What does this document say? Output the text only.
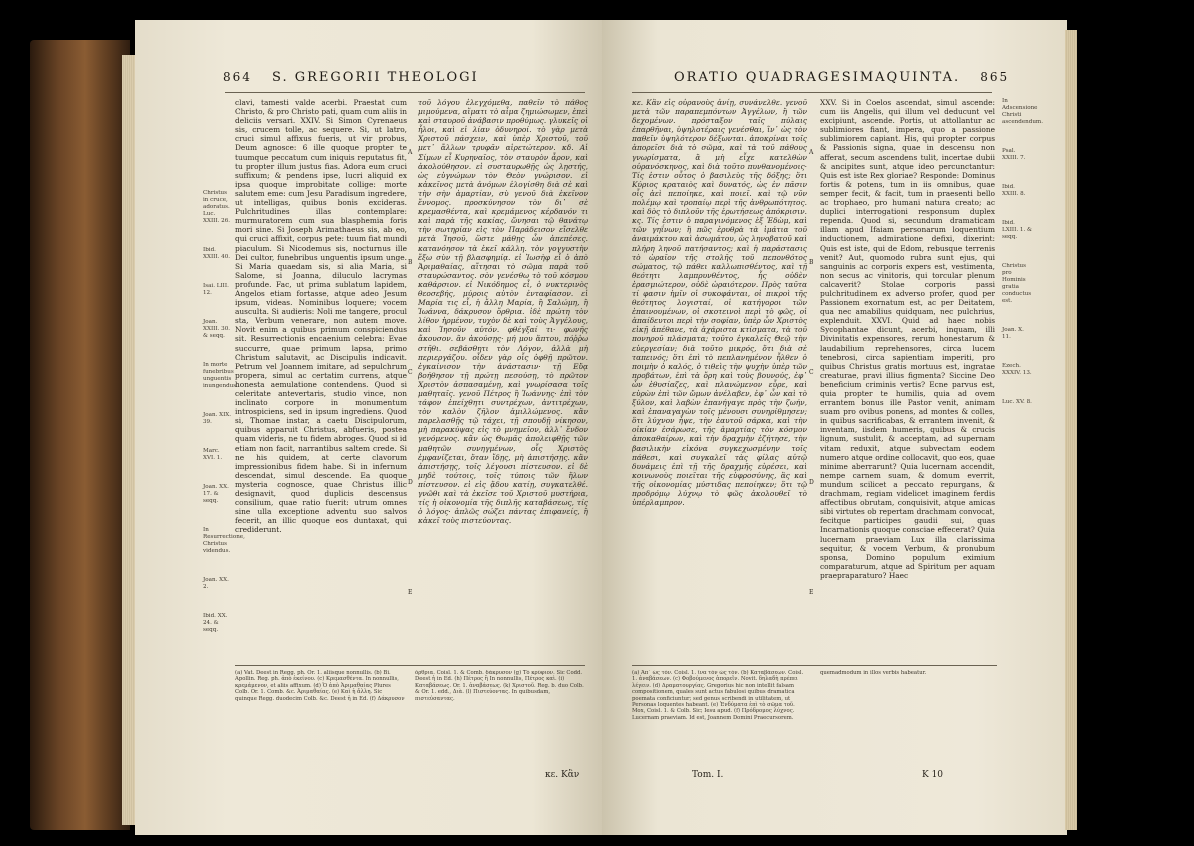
864 S. GREGORII THEOLOGI
Christus in cruce, adoratus. Luc. XXIII. 26.
Ibid. XXIII. 40.
Isai. LIII. 12.
Joan. XXIII. 30. & seqq.
In morte funebribus unguentis inungendus.
Joan. XIX. 39.
Marc. XVI. 1.
Joan. XX. 17. & seqq.
In Resurrectione, Christus videndus.
Joan. XX. 2.
Ibid. XX. 24. & seqq.

clavi, tamesti valde acerbi. Praestat cum Christo, & pro Christo pati, quam cum aliis in deliciis versari. XXIV. Si Simon Cyrenaeus sis, crucem tolle, ac sequere. Si, ut latro, cruci simul affixus fueris, ut vir probus, Deum agnosce: 6 ille quoque propter te tuumque peccatum cum iniquis reputatus fit, tu propter illum justus fias. Adora eum cruci suffixum; & pendens ipse, lucri aliquid ex ipsa quoque improbitate collige: morte salutem eme: cum Jesu Paradisum ingredere, ut intelligas, quibus bonis excideras. Pulchritudines illas contemplare: murmuratorem cum sua blasphemia foris mori sine. Si Joseph Arimathaeus sis, ab eo, qui cruci affixit, corpus pete: tuum fiat mundi piaculum. Si Nicodemus sis, nocturnus ille Dei cultor, funebribus unguentis ipsum unge. Si Maria quaedam sis, si alia Maria, si Salome, si Joanna, diluculo lacrymas profunde. Fac, ut prima sublatum lapidem, Angelos etiam fortasse, atque adeo Jesum ipsum, videas. Nominibus loquere; vocem ausculta. Si audieris: Noli me tangere, procul sta, Verbum venerare, non autem move. Novit enim a quibus primum conspiciendus sit. Resurrectionis encaenium celebra: Evae succurre, quae primum lapsa, primo Christum salutavit, ac Discipulis indicavit. Petrum vel Joannem imitare, ad sepulchrum propera, simul ac certatim currens, atque honesta aemulatione contendens. Quod si celeritate antevertaris, studio vince, non inclinato corpore in monumentum introspiciens, sed in ipsum ingrediens. Quod si, Thomae instar, a caetu Discipulorum, quibus apparuit Christus, abfueris, postea quam videris, ne tu fidem abroges. Quod si id etiam non facit, narrantibus saltem crede. Si ne his quidem, at certe clavorum impressionibus fidem habe. Si in infernum descendat, simul descende. Ea quoque mysteria cognosce, quae Christus illic designavit, quod duplicis descensus consilium, quae ratio fuerit: utrum omnes sine ulla exceptione adventu suo salvos fecerit, an illic quoque eos duntaxat, qui crediderunt.

A
B
C
D
E

τοῦ λόγου ἐλεγχόμεθα, παθεῖν τὸ πάθος μιμούμενα, αἵματι τὸ αἷμα ζημιώσωμεν, ἐπεὶ καὶ σταυροῦ ἀνάβασιν προθύμως. γλυκεῖς οἱ ἧλοι, καὶ εἰ λίαν ὀδυνηροί. τὸ γὰρ μετὰ Χριστοῦ πάσχειν, καὶ ὑπὲρ Χριστοῦ, τοῦ μετ᾽ ἄλλων τρυφᾶν αἱρετώτερον. κδ. Αἱ Σίμων εἶ Κυρηναῖος, τὸν σταυρὸν ἆρον, καὶ ἀκολούθησον. εἰ συσταυρωθῇς ὡς λῃστής, ὡς εὐγνώμων τὸν Θεὸν γνώρισον. εἰ κἀκεῖνος μετὰ ἀνόμων ἐλογίσθη διὰ σὲ καὶ τὴν σὴν ἁμαρτίαν, σὺ γενοῦ διὰ ἐκεῖνον ἔννομος. προσκύνησον τὸν δι᾽ σὲ κρεμασθέντα, καὶ κρεμάμενος κέρδανόν τι καὶ παρὰ τῆς κακίας, ὤνησαι τῷ θανάτῳ τὴν σωτηρίαν εἰς τὸν Παράδεισον εἴσελθε μετὰ Ἰησοῦ, ὥστε μάθῃς ὧν ἀπεπέσες. κατανόησον τὰ ἐκεῖ κάλλη. τὸν γογγυστὴν ἔξω σὺν τῇ βλασφημίᾳ. εἰ Ἰωσὴφ εἶ ὁ ἀπὸ Ἀριμαθαίας, αἴτησαι τὸ σῶμα παρὰ τοῦ σταυρώσαντος. σὸν γενέσθω τὸ τοῦ κόσμου καθάρσιον. εἰ Νικόδημος εἶ, ὁ νυκτερινὸς θεοσεβής, μύροις αὐτὸν ἐνταφίασον. εἰ Μαρία τις εἶ, ἡ ἄλλη Μαρία, ἢ Σαλώμη, ἢ Ἰωάννα, δάκρυσον ὄρθρια. ἰδὲ πρώτη τὸν λίθον ἠρμένον, τυχὸν δὲ καὶ τοὺς Ἀγγέλους, καὶ Ἰησοῦν αὐτόν. φθέγξαί τι· φωνῆς ἄκουσον. ἂν ἀκούσῃς· μή μου ἅπτου, πόῤῥω στῆθι. σεβάσθητι τὸν Λόγον, ἀλλὰ μὴ περιεργάζου. οἶδεν γὰρ οἷς ὀφθῇ πρῶτον. ἐγκαίνισον τὴν ἀνάστασιν· τῇ Εὔᾳ βοήθησον τῇ πρώτῃ πεσούσῃ, τὸ πρῶτον Χριστὸν ἀσπασαμένῃ, καὶ γνωρίσασα τοῖς μαθηταῖς. γενοῦ Πέτρος ἢ Ἰωάννης· ἐπὶ τὸν τάφον ἐπείχθητι συντρέχων, ἀντιτρέχων, τὸν καλὸν ζῆλον ἁμιλλώμενος. κἂν παρελασθῇς τῷ τάχει, τῇ σπουδῇ νίκησον, μὴ παρακύψας εἰς τὸ μνημεῖον, ἀλλ᾽ ἔνδον γενόμενος. κἂν ὡς Θωμᾶς ἀπολειφθῇς τῶν μαθητῶν συνηγμένων, οἷς Χριστὸς ἐμφανίζεται, ὅταν ἴδῃς, μὴ ἀπιστήσῃς. κἂν ἀπιστήσῃς, τοῖς λέγουσι πίστευσον. εἰ δὲ μηδὲ τούτοις, τοῖς τύποις τῶν ἥλων πίστευσον. εἰ εἰς ᾅδου κατίῃ, συγκατελθέ. γνῶθι καὶ τὰ ἐκεῖσε τοῦ Χριστοῦ μυστήρια, τίς ἡ οἰκονομία τῆς διπλῆς καταβάσεως, τίς ὁ λόγος· ἁπλῶς σώζει πάντας ἐπιφανείς, ἢ κἀκεῖ τοὺς πιστεύοντας.

(a) Vat. Deest in Regg. ph. Or. 1. aliisque nonnullis. (b) Bi. Apollin. Reg. ph. ἀπὸ ἐκείνου. (c) Κρεμασθέντα. In nonnullis, κρεμάμενον, et aliis affixum. (d) Ὁ ἀπὸ Ἀριμαθαίας Plures Colb. Or. 1. Comb. &c. Ἀριμαθαίας. (e) Καὶ ἡ ἄλλη. Sic quinque Regg. duodecim Colb. &c. Deest ἡ in Ed. (f) Δάκρυσον ὄρθρια. Coisl. 1. & Comb. δάκρυσον (g) Τὸ κρύφιον. Sic Codd. Deest ἡ in Ed. (h) Πέτρος ἢ In nonnullis, Πέτρος καὶ. (i) Καταβάσεως. Or. 1. ἀναβάσεως. (k) Χριστοῦ. Reg. b. duo Colb. & Or. 1. edd., Διὰ. (l) Πιστεύοντας. In quibusdam, πιστεύσαντας.
κε. Κἂν
ORATIO QUADRAGESIMAQUINTA. 865

κε. Κἂν εἰς οὐρανοὺς ἀνίῃ, συνάνελθε. γενοῦ μετὰ τῶν παραπεμπόντων Ἀγγέλων, ἢ τῶν δεχομένων. πρόσταξον ταῖς πύλαις ἐπαρθῆναι, ὑψηλοτέραις γενέσθαι, ἵν᾽ ὡς τὸν παθεῖν ὑψηλότερον δέξωνται. ἀποκρίναι τοῖς ἀπορεῖσι διὰ τὸ σῶμα, καὶ τὰ τοῦ πάθους γνωρίσματα, ἃ μὴ εἶχε κατελθὼν οὐρανόσκηνος, καὶ διὰ τοῦτο πυνθανομένοις· Τίς ἐστιν οὗτος ὁ βασιλεὺς τῆς δόξης; ὅτι Κύριος κραταιὸς καὶ δυνατός, ὡς ἐν πᾶσιν οἷς ἀεὶ πεποίηκε, καὶ ποιεῖ. καὶ τῷ νῦν πολέμῳ καὶ τροπαίῳ περὶ τῆς ἀνθρωπότητος. καὶ δὸς τὸ διπλοῦν τῆς ἐρωτήσεως ἀπόκρισιν. κς. Τίς ἐστιν ὁ παραγινόμενος ἐξ Ἐδὼμ, καὶ τῶν γηΐνων; ἢ πῶς ἐρυθρὰ τὰ ἱμάτια τοῦ ἀναιμάκτου καὶ ἀσωμάτου, ὡς ληνοβατοῦ καὶ πλήρη ληνοῦ πατήσαντος; καὶ ἡ παράστασις τὸ ὡραῖον τῆς στολῆς τοῦ πεπονθότος σώματος, τῷ πάθει καλλωπισθέντος, καὶ τῇ θεότητι λαμπρυνθέντος, ἧς οὐδὲν ἐρασμιώτερον, οὐδὲ ὡραιότερον. Πρὸς ταῦτα τί φασιν ἡμῖν οἱ συκοφάνται, οἱ πικροὶ τῆς θεότητος λογισταί, οἱ κατήγοροι τῶν ἐπαινουμένων, οἱ σκοτεινοὶ περὶ τὸ φῶς, οἱ ἀπαίδευτοι περὶ τὴν σοφίαν, ὑπὲρ ὧν Χριστὸς εἰκῇ ἀπέθανε, τὰ ἀχάριστα κτίσματα, τὰ τοῦ πονηροῦ πλάσματα; τοῦτο ἐγκαλεῖς Θεῷ τὴν εὐεργεσίαν; διὰ τοῦτο μικρός, ὅτι διὰ σὲ ταπεινός; ὅτι ἐπὶ τὸ πεπλανημένον ἦλθεν ὁ ποιμὴν ὁ καλός, ὁ τιθεὶς τὴν ψυχὴν ὑπὲρ τῶν προβάτων, ἐπὶ τὰ ὄρη καὶ τοὺς βουνούς, ἐφ᾽ ὧν ἐθυσίαζες, καὶ πλανώμενον εὗρε, καὶ εὑρὼν ἐπὶ τῶν ὤμων ἀνέλαβεν, ἐφ᾽ ὧν καὶ τὸ ξύλον, καὶ λαβὼν ἐπανήγαγε πρὸς τὴν ζωήν, καὶ ἐπαναγαγὼν τοῖς μένουσι συνηρίθμησεν; ὅτι λύχνον ἧψε, τὴν ἑαυτοῦ σάρκα, καὶ τὴν οἰκίαν ἐσάρωσε, τῆς ἁμαρτίας τὸν κόσμον ἀποκαθαίρων, καὶ τὴν δραχμὴν ἐζήτησε, τὴν βασιλικὴν εἰκόνα συγκεχωσμένην τοῖς πάθεσι, καὶ συγκαλεῖ τὰς φίλας αὐτῷ δυνάμεις ἐπὶ τῇ τῆς δραχμῆς εὑρέσει, καὶ κοινωνοὺς ποιεῖται τῆς εὐφροσύνης, ἃς καὶ τῆς οἰκονομίας μύστιδας πεποίηκεν; ὅτι τῷ προδρόμῳ λύχνῳ τὸ φῶς ἀκολουθεῖ τὸ ὑπέρλαμπρον.

A
B
C
D
E

XXV. Si in Coelos ascendat, simul ascende: cum iis Angelis, qui illum vel deducunt vel excipiunt, ascende. Portis, ut attollantur ac sublimiores fiant, impera, quo a passione sublimiorem capiant. His, qui propter corpus & Passionis signa, quae in descensu non afferat, secum ascendens tulit, incertae dubii & ancipites sunt, atque ideo percunctantur: Quis est iste Rex gloriae? Responde: Dominus fortis & potens, tum in iis omnibus, quae semper fecit, & facit, tum in praesenti bello ac trophaeo, pro humani natura creato; ac duplici interrogationi responsum duplex rependa. Quod si, secundum dramaticam illam apud Ifaiam personarum loquentium inductionem, admiratione defixi, dixerint: Quis est iste, qui de Edom, rebusque terrenis venit? Aut, quomodo rubra sunt ejus, qui sanguinis ac corporis expers est, vestimenta, non secus ac vinitoris, qui torcular plenum calcaverit? Stolae corporis passi pulchritudinem ex adverso profer, quod per Passionem exornatum est, ac per Deitatem, qua nec amabilius quidquam, nec pulchrius, explenduit. XXVI. Quid ad haec nobis Sycophantae dicunt, acerbi, inquam, illi Divinitatis expensores, rerum honestarum & laudabilium reprehensores, circa lucem tenebrosi, circa sapientiam imperiti, pro quibus Christus gratis mortuus est, ingratae creaturae, pravi illius figmenta? Siccine Deo beneficium criminis vertis? Ecne parvus est, quia propter te humilis, quia ad ovem errantem bonus ille Pastor venit, animam suam pro ovibus ponens, ad montes & colles, in quibus sacrificabas, & errantem invenit, & inventam, iisdem humeris, quibus & crucis lignum, sustulit, & acceptam, ad supernam vitam reduxit, atque subvectam eodem numero atque ordine collocavit, quo eos, quae minime aberrarunt? Quia lucernam accendit, nempe carnem suam, & domum everrit, mundum scilicet a peccato repurgans, & drachmam, regiam videlicet imaginem ferdis affectibus obrutam, conquisivit, atque amicas sibi virtutes ob repertam drachmam convocat, fecitque participes gaudii sui, quas Incarnationis quoque consciae effecerat? Quia lucernam praeviam Lux illa clarissima sequitur, & vocem Verbum, & pronubum sponsa, Domino populum eximium comparaturum, atque ad Spiritum per aquam praepraparaturo? Haec

In Adscensione Christi ascendendum.
Psal. XXIII. 7.
Ibid. XXIII. 8.
Ibid. LXIII. 1. & seqq.
Christus pro Hominis gratia conductus est.
Joan. X. 11.
Ezech. XXXIV. 13.
Luc. XV. 8.
(a) Ἀπ᾽ ὡς τὸν. Coisl. 1. ἵνα τὸν ὡς τὸν. (b) Καταβάσεων. Coisl. 1. ἀναβάσεων. (c) Φοβούμενος ἀπορεῖν. Novit. δηλαδὴ πρέπει λέγειν. (d) Δραματουργίας. Gregorius hic non intellit falsam compositionem, quales sunt actus fabulosi quibus dramatica poemata conficiuntur; sed genus scribendi in utilitatem, ut Personas loquentes habeant. (e) Ἐνδύματα ἐπὶ τὸ σῶμα τοῦ. Mox, Coisl. 1. & Colb. Sic; Iesu apud. (f) Πρόδρομος λύχνος. Lucernam praeviam. Id est, Joannem Domini Praecursorem.
quemadmodum in illos verbis habeatur.
Tom. I.	K 10
